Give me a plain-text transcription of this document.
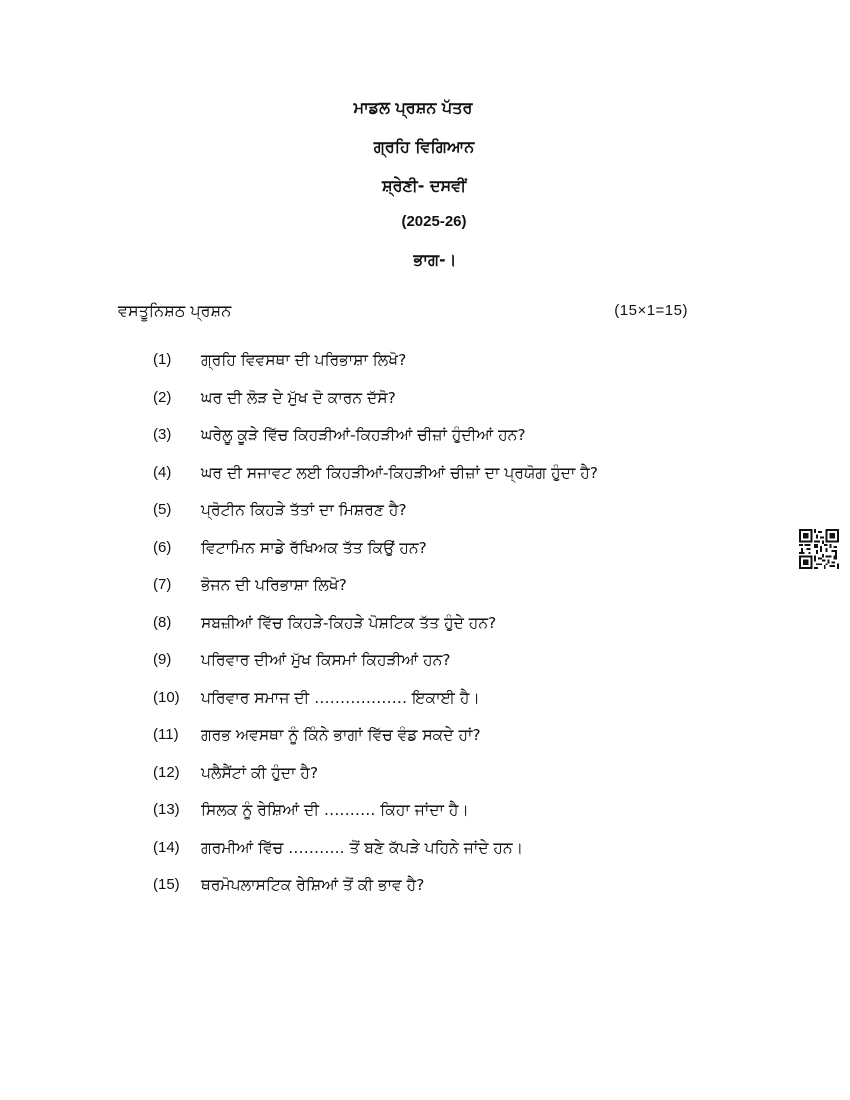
ਮਾਡਲ ਪ੍ਰਸ਼ਨ ਪੱਤਰ
ਗ੍ਰਹਿ ਵਿਗਿਆਨ
ਸ਼੍ਰੇਣੀ- ਦਸਵੀਂ
(2025-26)
ਭਾਗ-।
ਵਸਤੂਨਿਸ਼ਠ ਪ੍ਰਸ਼ਨ	(15×1=15)
(1)	ਗ੍ਰਹਿ ਵਿਵਸਥਾ ਦੀ ਪਰਿਭਾਸ਼ਾ ਲਿਖੋ?
(2)	ਘਰ ਦੀ ਲੋੜ ਦੇ ਮੁੱਖ ਦੋ ਕਾਰਨ ਦੱਸੋ?
(3)	ਘਰੇਲੂ ਕੂੜੇ ਵਿੱਚ ਕਿਹੜੀਆਂ-ਕਿਹੜੀਆਂ ਚੀਜ਼ਾਂ ਹੁੰਦੀਆਂ ਹਨ?
(4)	ਘਰ ਦੀ ਸਜਾਵਟ ਲਈ ਕਿਹੜੀਆਂ-ਕਿਹੜੀਆਂ ਚੀਜ਼ਾਂ ਦਾ ਪ੍ਰਯੋਗ ਹੁੰਦਾ ਹੈ?
(5)	ਪ੍ਰੋਟੀਨ ਕਿਹੜੇ ਤੱਤਾਂ ਦਾ ਮਿਸ਼ਰਣ ਹੈ?
(6)	ਵਿਟਾਮਿਨ ਸਾਡੇ ਰੱਖਿਅਕ ਤੱਤ ਕਿਉਂ ਹਨ?
(7)	ਭੋਜਨ ਦੀ ਪਰਿਭਾਸ਼ਾ ਲਿਖੋ?
(8)	ਸਬਜ਼ੀਆਂ ਵਿੱਚ ਕਿਹੜੇ-ਕਿਹੜੇ ਪੋਸ਼ਟਿਕ ਤੱਤ ਹੁੰਦੇ ਹਨ?
(9)	ਪਰਿਵਾਰ ਦੀਆਂ ਮੁੱਖ ਕਿਸਮਾਂ ਕਿਹੜੀਆਂ ਹਨ?
(10)	ਪਰਿਵਾਰ ਸਮਾਜ ਦੀ ……………… ਇਕਾਈ ਹੈ।
(11)	ਗਰਭ ਅਵਸਥਾ ਨੂੰ ਕਿੰਨੇ ਭਾਗਾਂ ਵਿੱਚ ਵੰਡ ਸਕਦੇ ਹਾਂ?
(12)	ਪਲੈਸੈਂਟਾਂ ਕੀ ਹੁੰਦਾ ਹੈ?
(13)	ਸਿਲਕ ਨੂੰ ਰੇਸ਼ਿਆਂ ਦੀ ………. ਕਿਹਾ ਜਾਂਦਾ ਹੈ।
(14)	ਗਰਮੀਆਂ ਵਿੱਚ ……….. ਤੋਂ ਬਣੇ ਕੱਪੜੇ ਪਹਿਨੇ ਜਾਂਦੇ ਹਨ।
(15)	ਥਰਮੋਪਲਾਸਟਿਕ ਰੇਸ਼ਿਆਂ ਤੋਂ ਕੀ ਭਾਵ ਹੈ?
